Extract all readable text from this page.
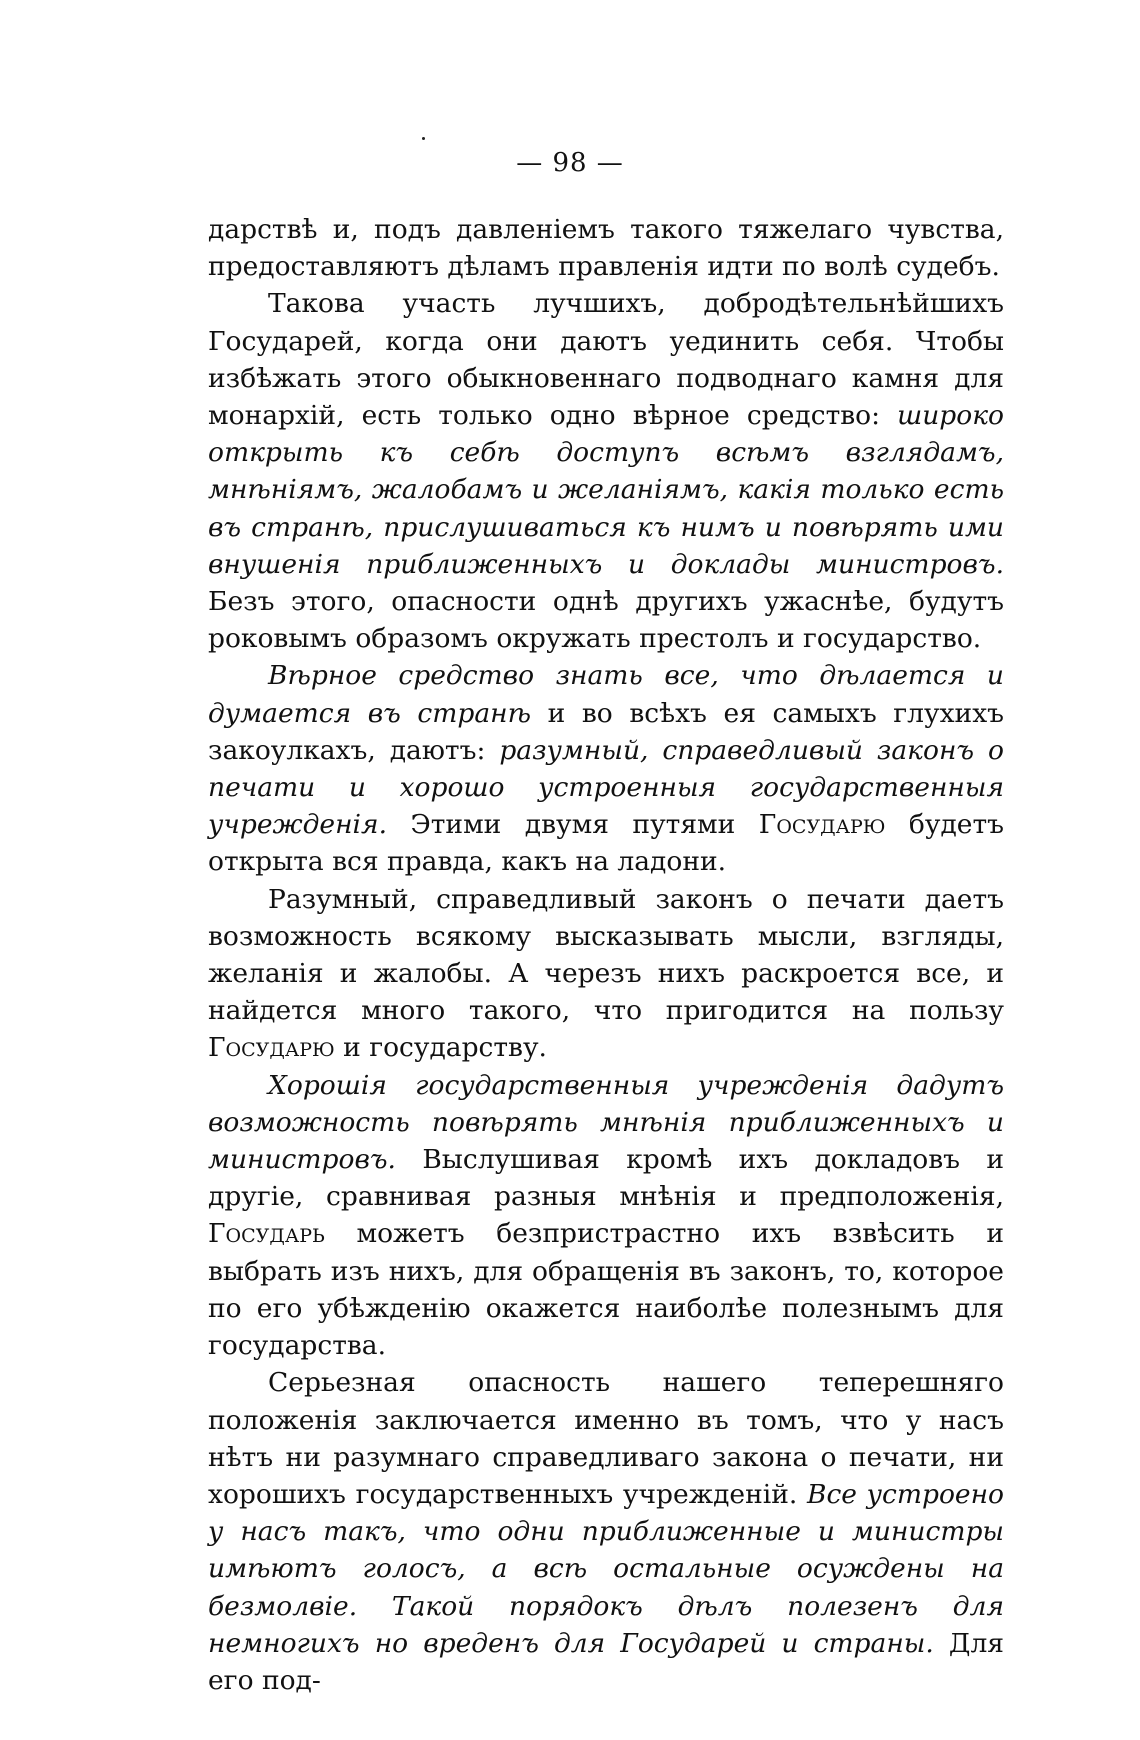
— 98 —

дарствѣ и, подъ давленіемъ такого тяжелаго чувства, предоставляютъ дѣламъ правленія идти по волѣ судебъ.

Такова участь лучшихъ, добродѣтельнѣйшихъ Государей, когда они даютъ уединить себя. Чтобы избѣжать этого обыкновеннаго подводнаго камня для монархій, есть только одно вѣрное средство: широко открыть къ себѣ доступъ всѣмъ взглядамъ, мнѣніямъ, жалобамъ и желаніямъ, какія только есть въ странѣ, прислушиваться къ нимъ и повѣрять ими внушенія приближенныхъ и доклады министровъ. Безъ этого, опасности однѣ другихъ ужаснѣе, будутъ роковымъ образомъ окружать престолъ и государство.

Вѣрное средство знать все, что дѣлается и думается въ странѣ и во всѣхъ ея самыхъ глухихъ закоулкахъ, даютъ: разумный, справедливый законъ о печати и хорошо устроенныя государственныя учрежденія. Этими двумя путями Государю будетъ открыта вся правда, какъ на ладони.

Разумный, справедливый законъ о печати даетъ возможность всякому высказывать мысли, взгляды, желанія и жалобы. А черезъ нихъ раскроется все, и найдется много такого, что пригодится на пользу Государю и государству.

Хорошія государственныя учрежденія дадутъ возможность повѣрять мнѣнія приближенныхъ и министровъ. Выслушивая кромѣ ихъ докладовъ и другіе, сравнивая разныя мнѣнія и предположенія, Государь можетъ безпристрастно ихъ взвѣсить и выбрать изъ нихъ, для обращенія въ законъ, то, которое по его убѣжденію окажется наиболѣе полезнымъ для государства.

Серьезная опасность нашего теперешняго положенія заключается именно въ томъ, что у насъ нѣтъ ни разумнаго справедливаго закона о печати, ни хорошихъ государственныхъ учрежденій. Все устроено у насъ такъ, что одни приближенные и министры имѣютъ голосъ, а всѣ остальные осуждены на безмолвіе. Такой порядокъ дѣлъ полезенъ для немногихъ но вреденъ для Государей и страны. Для его под-
